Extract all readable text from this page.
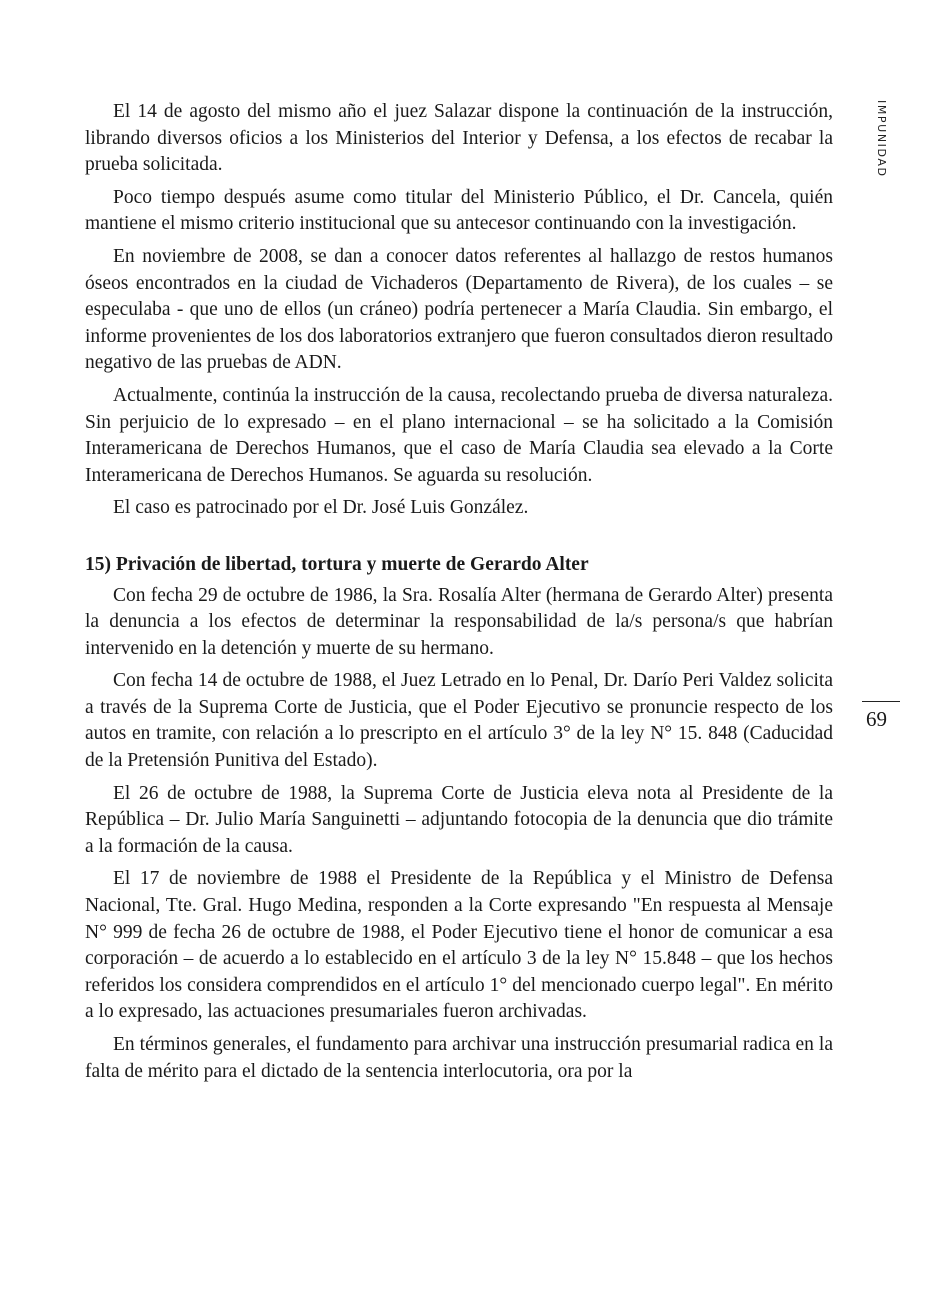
IMPUNIDAD
69

El 14 de agosto del mismo año el juez Salazar dispone la continuación de la instrucción, librando diversos oficios a los Ministerios del Interior y Defensa, a los efectos de recabar la prueba solicitada.

Poco tiempo después asume como titular del Ministerio Público, el Dr. Cancela, quién mantiene el mismo criterio institucional que su antecesor continuando con la investigación.

En noviembre de 2008, se dan a conocer datos referentes al hallazgo de restos humanos óseos encontrados en la ciudad de Vichaderos (Departamento de Rivera), de los cuales – se especulaba - que uno de ellos (un cráneo) podría pertenecer a María Claudia. Sin embargo, el informe provenientes de los dos laboratorios extranjero que fueron consultados dieron resultado negativo de las pruebas de ADN.

Actualmente, continúa la instrucción de la causa, recolectando prueba de diversa naturaleza. Sin perjuicio de lo expresado – en el plano internacional – se ha solicitado a la Comisión Interamericana de Derechos Humanos, que el caso de María Claudia sea elevado a la Corte Interamericana de Derechos Humanos. Se aguarda su resolución.

El caso es patrocinado por el Dr. José Luis González.

15) Privación de libertad, tortura y muerte de Gerardo Alter

Con fecha 29 de octubre de 1986, la Sra. Rosalía Alter (hermana de Gerardo Alter) presenta la denuncia a los efectos de determinar la responsabilidad de la/s persona/s que habrían intervenido en la detención y muerte de su hermano.

Con fecha 14 de octubre de 1988, el Juez Letrado en lo Penal, Dr. Darío Peri Valdez solicita a través de la Suprema Corte de Justicia, que el Poder Ejecutivo se pronuncie respecto de los autos en tramite, con relación a lo prescripto en el artículo 3° de la ley N° 15. 848 (Caducidad de la Pretensión Punitiva del Estado).

El 26 de octubre de 1988, la Suprema Corte de Justicia eleva nota al Presidente de la República – Dr. Julio María Sanguinetti – adjuntando fotocopia de la denuncia que dio trámite a la formación de la causa.

El 17 de noviembre de 1988 el Presidente de la República y el Ministro de Defensa Nacional, Tte. Gral. Hugo Medina, responden a la Corte expresando "En respuesta al Mensaje N° 999 de fecha 26 de octubre de 1988, el Poder Ejecutivo tiene el honor de comunicar a esa corporación – de acuerdo a lo establecido en el artículo 3 de la ley N° 15.848 – que los hechos referidos los considera comprendidos en el artículo 1° del mencionado cuerpo legal". En mérito a lo expresado, las actuaciones presumariales fueron archivadas.

En términos generales, el fundamento para archivar una instrucción presumarial radica en la falta de mérito para el dictado de la sentencia interlocutoria, ora por la
